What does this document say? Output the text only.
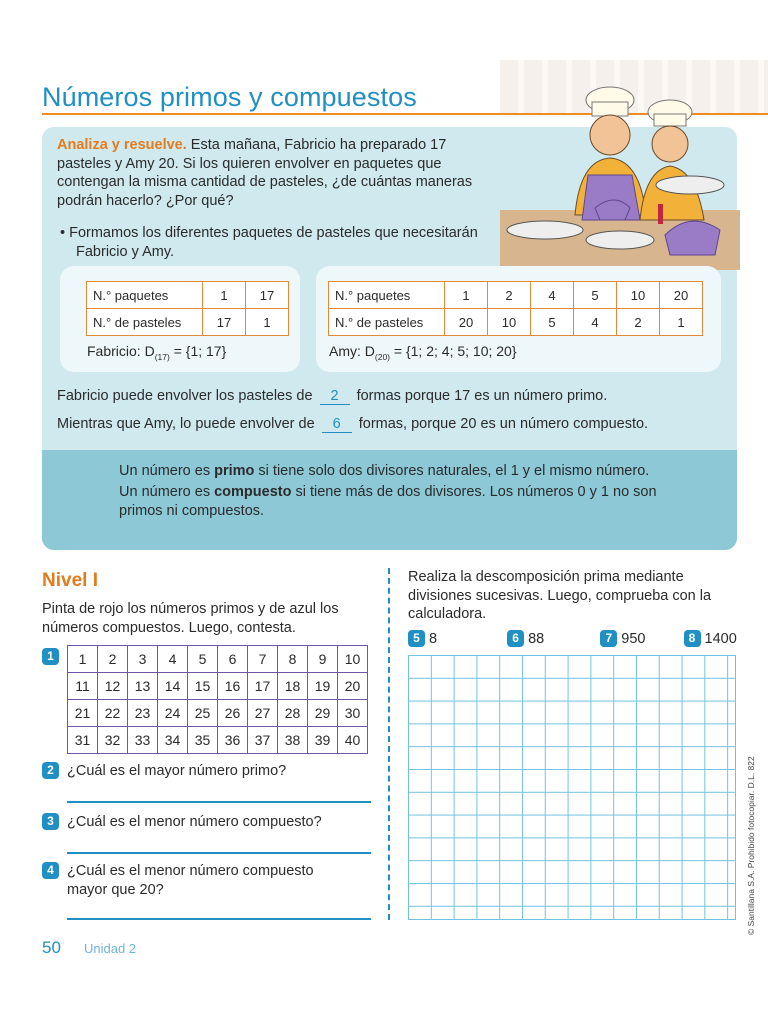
Números primos y compuestos
Analiza y resuelve. Esta mañana, Fabricio ha preparado 17 pasteles y Amy 20. Si los quieren envolver en paquetes que contengan la misma cantidad de pasteles, ¿de cuántas maneras podrán hacerlo? ¿Por qué?
• Formamos los diferentes paquetes de pasteles que necesitarán Fabricio y Amy.
N.° paquetes	1	17
N.° de pasteles	17	1
Fabricio: $D_{(17)} = \{1$; 17}
N.° paquetes	1	2	4	5	10	20
N.° de pasteles	20	10	5	4	2	1
Amy: $D_{(20)} = \{1$; 2; 4; 5; 10; 20}
Fabricio puede envolver los pasteles de 2 formas porque 17 es un número primo.
Mientras que Amy, lo puede envolver de 6 formas, porque 20 es un número compuesto.

Un número es primo si tiene solo dos divisores naturales, el 1 y el mismo número.

Un número es compuesto si tiene más de dos divisores. Los números 0 y 1 no son primos ni compuestos.

Nivel I
Pinta de rojo los números primos y de azul los números compuestos. Luego, contesta.
1	1	2	3	4	5	6	7	8	9	10
11	12	13	14	15	16	17	18	19	20
21	22	23	24	25	26	27	28	29	30
31	32	33	34	35	36	37	38	39	40
2 ¿Cuál es el mayor número primo?
3 ¿Cuál es el menor número compuesto?
4 ¿Cuál es el menor número compuesto mayor que 20?
Realiza la descomposición prima mediante divisiones sucesivas. Luego, comprueba con la calculadora.
5 8	6 88	7 950	8 1400
50 Unidad 2
© Santillana S.A. Prohibido fotocopiar. D.L. 822
